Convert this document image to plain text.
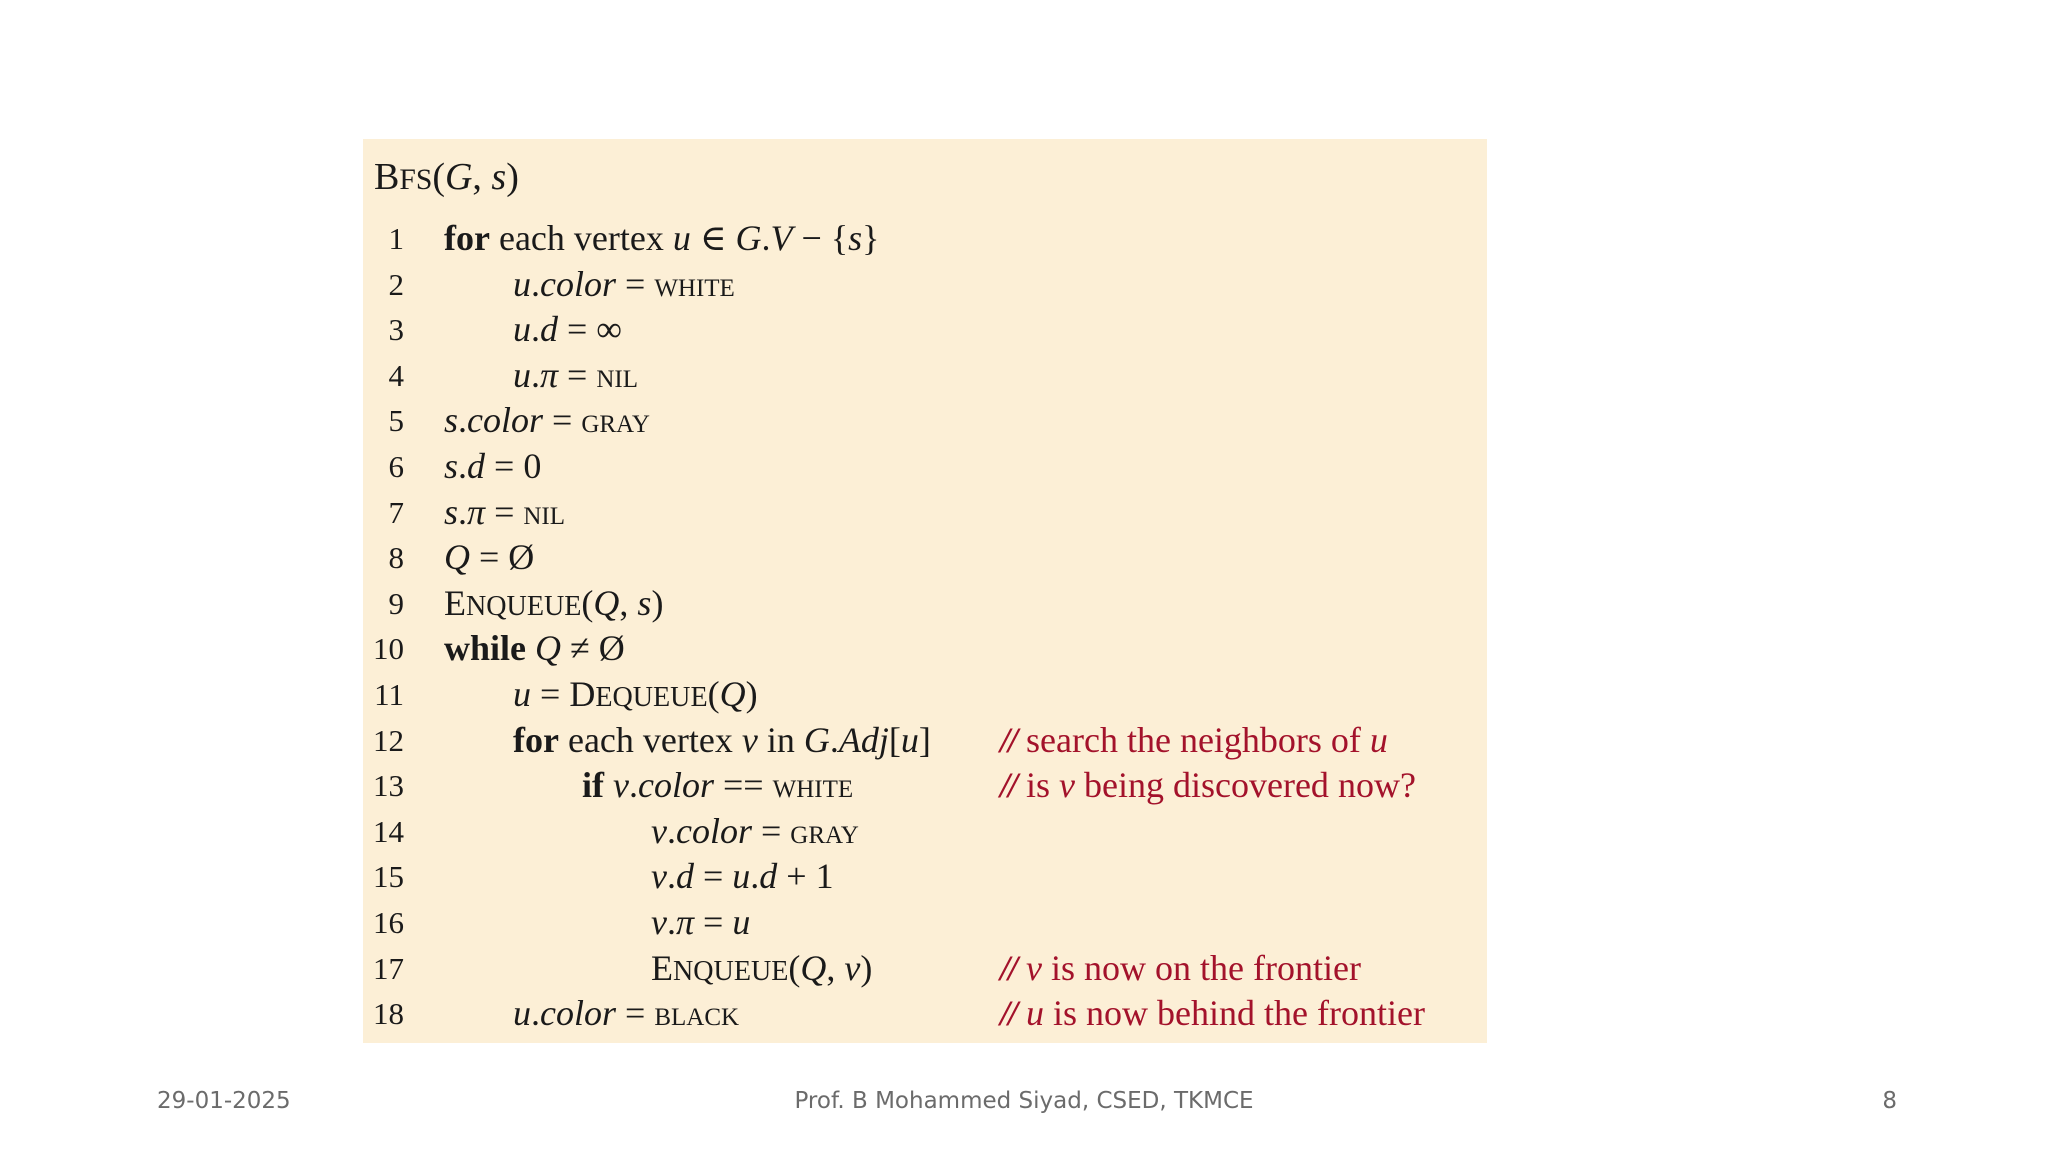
BFS(G, s)
1 for each vertex u ∈ G.V − {s}
2	u.color = WHITE
3	u.d = ∞
4	u.π = NIL
5 s.color = GRAY
6 s.d = 0
7 s.π = NIL
8 Q = Ø
9 ENQUEUE(Q, s)
10 while Q ≠ Ø
11	u = DEQUEUE(Q)
12	for each vertex v in G.Adj[u] // search the neighbors of u
13	if v.color == WHITE	// is v being discovered now?
14	v.color = GRAY
15	v.d = u.d + 1
16	v.π = u
17	ENQUEUE(Q, v)	// v is now on the frontier
18	u.color = BLACK	// u is now behind the frontier
29-01-2025	Prof. B Mohammed Siyad, CSED, TKMCE	8
